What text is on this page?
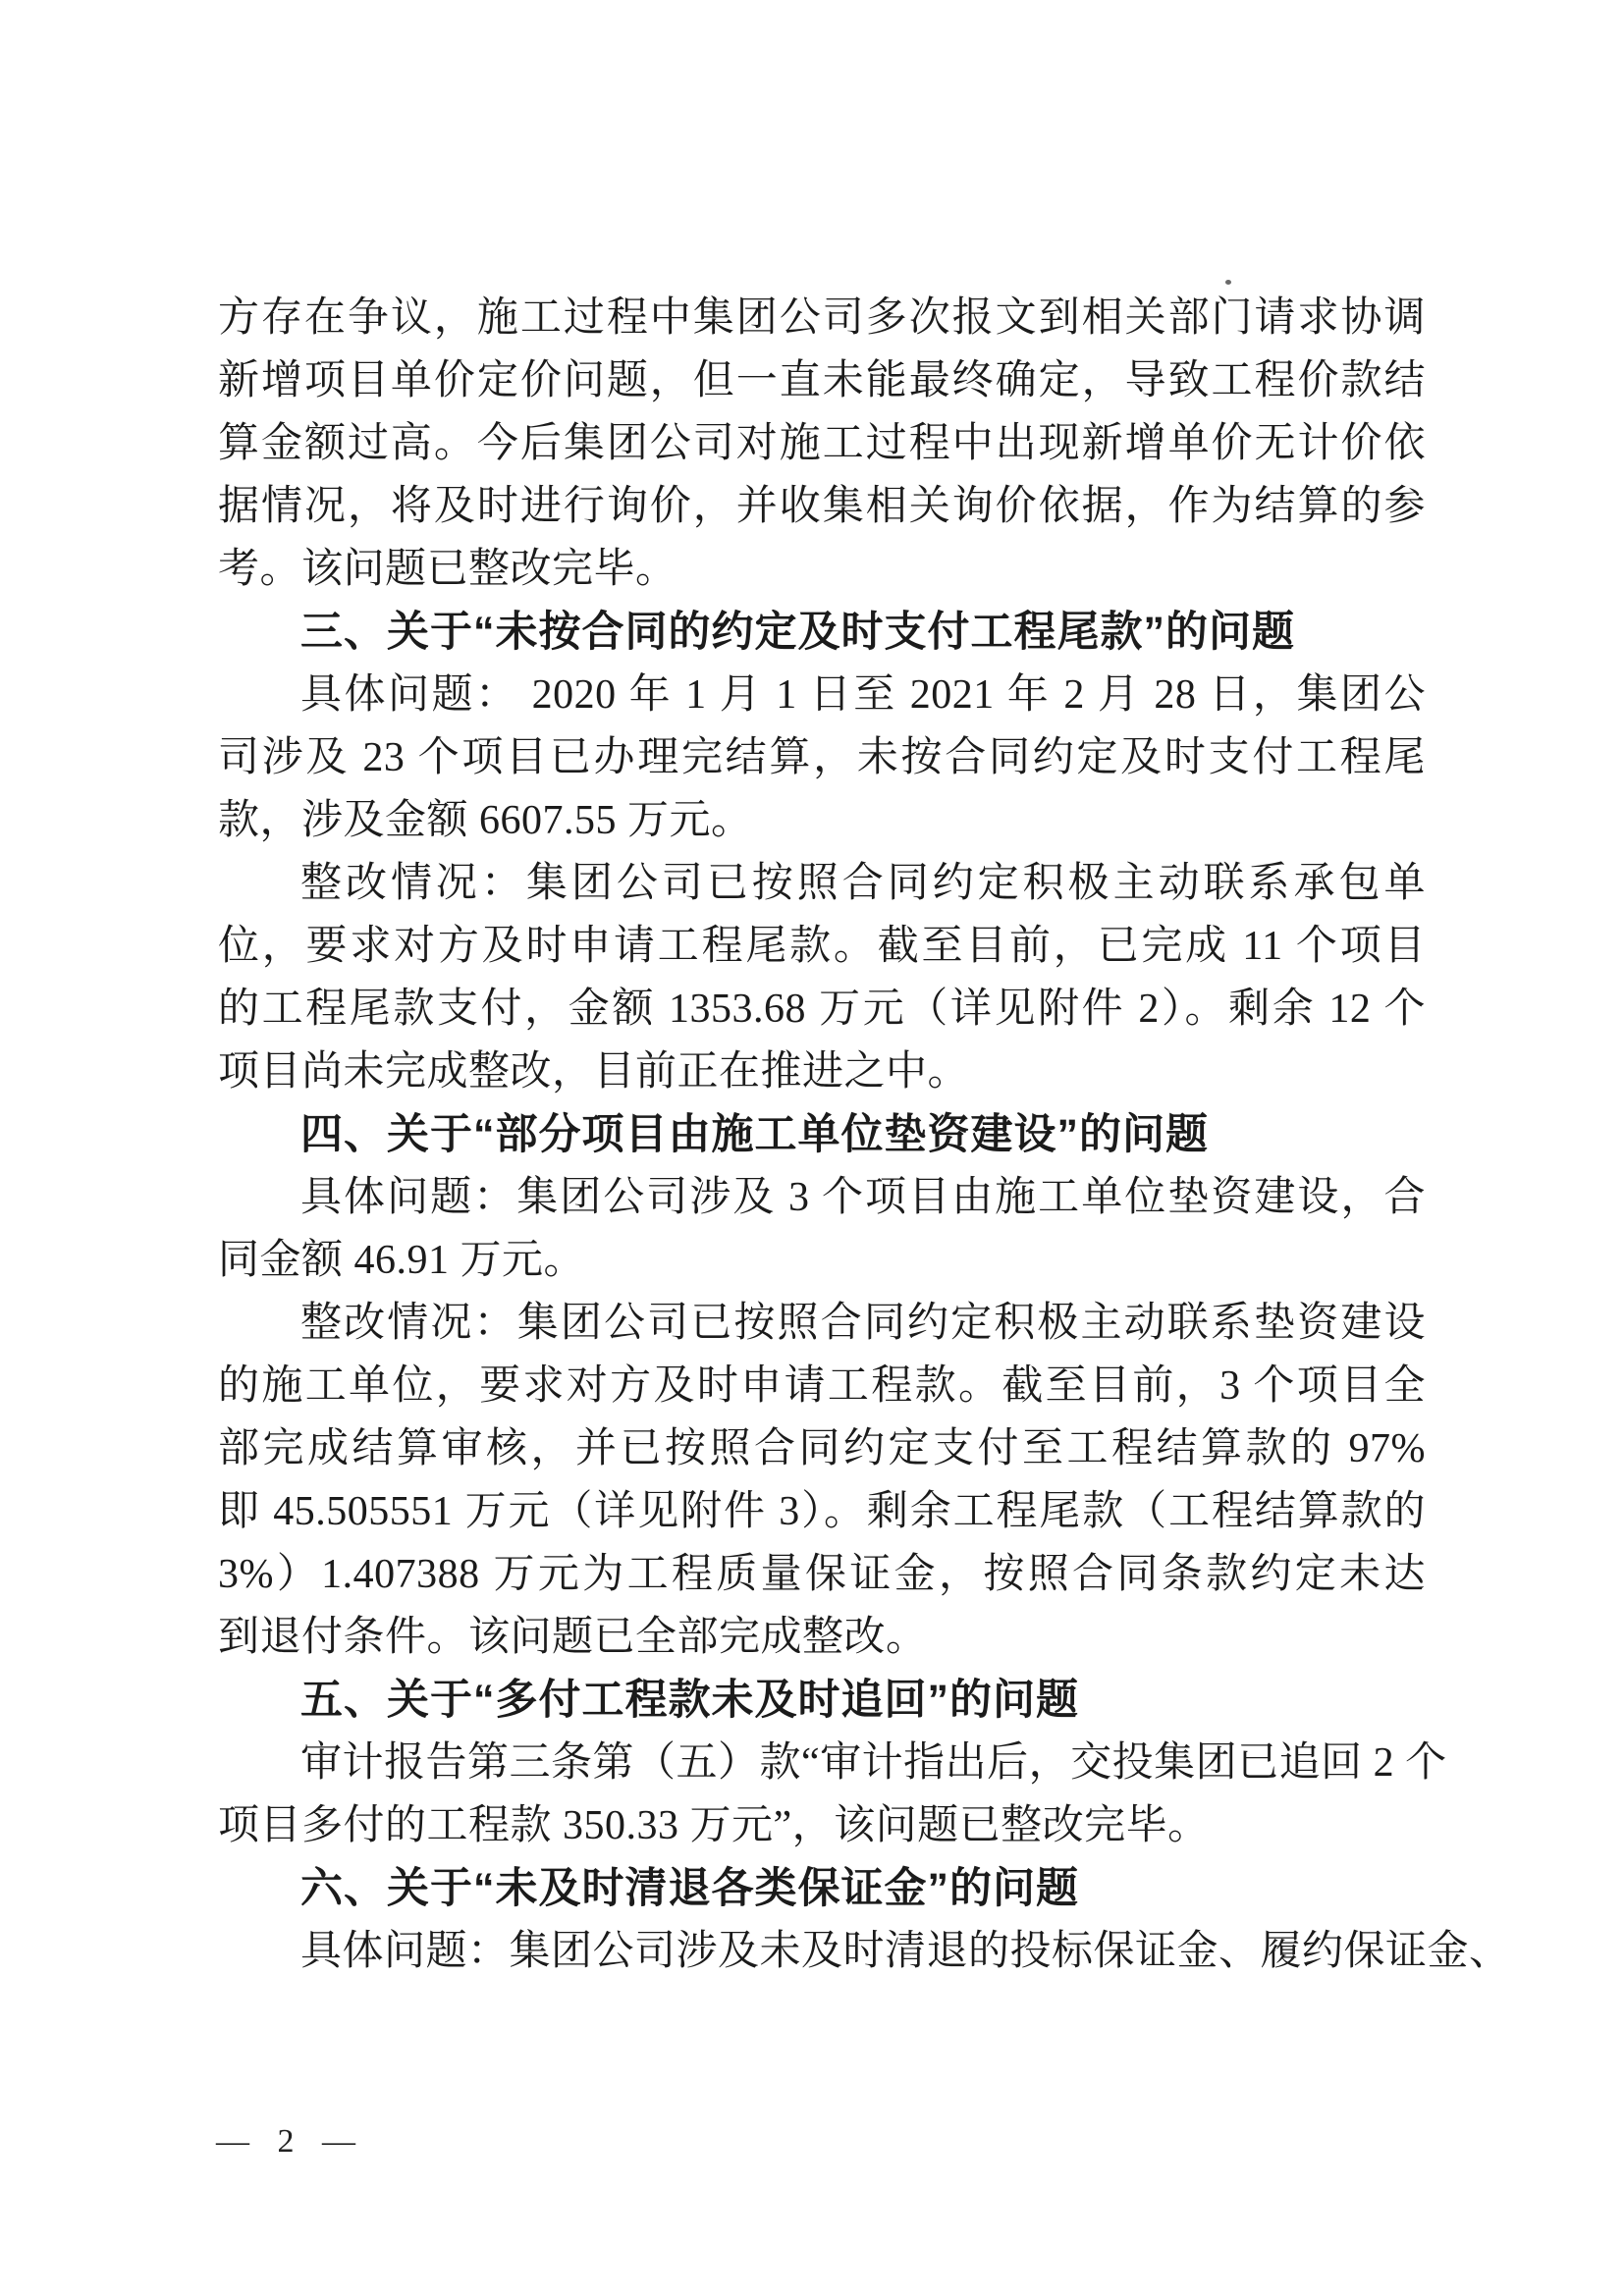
方存在争议，施工过程中集团公司多次报文到相关部门请求协调
新增项目单价定价问题，但一直未能最终确定，导致工程价款结
算金额过高。今后集团公司对施工过程中出现新增单价无计价依
据情况，将及时进行询价，并收集相关询价依据，作为结算的参
考。该问题已整改完毕。
三、关于“未按合同的约定及时支付工程尾款”的问题
具体问题： 2020 年 1 月 1 日至 2021 年 2 月 28 日，集团公
司涉及 23 个项目已办理完结算，未按合同约定及时支付工程尾
款，涉及金额 6607.55 万元。
整改情况：集团公司已按照合同约定积极主动联系承包单
位，要求对方及时申请工程尾款。截至目前，已完成 11 个项目
的工程尾款支付，金额 1353.68 万元（详见附件 2）。剩余 12 个
项目尚未完成整改，目前正在推进之中。
四、关于“部分项目由施工单位垫资建设”的问题
具体问题：集团公司涉及 3 个项目由施工单位垫资建设，合
同金额 46.91 万元。
整改情况：集团公司已按照合同约定积极主动联系垫资建设
的施工单位，要求对方及时申请工程款。截至目前，3 个项目全
部完成结算审核，并已按照合同约定支付至工程结算款的 97%
即 45.505551 万元（详见附件 3）。剩余工程尾款（工程结算款的
3%）1.407388 万元为工程质量保证金，按照合同条款约定未达
到退付条件。该问题已全部完成整改。
五、关于“多付工程款未及时追回”的问题
审计报告第三条第（五）款“审计指出后，交投集团已追回 2 个
项目多付的工程款 350.33 万元”，该问题已整改完毕。
六、关于“未及时清退各类保证金”的问题
具体问题：集团公司涉及未及时清退的投标保证金、履约保证金、
— 2 —
